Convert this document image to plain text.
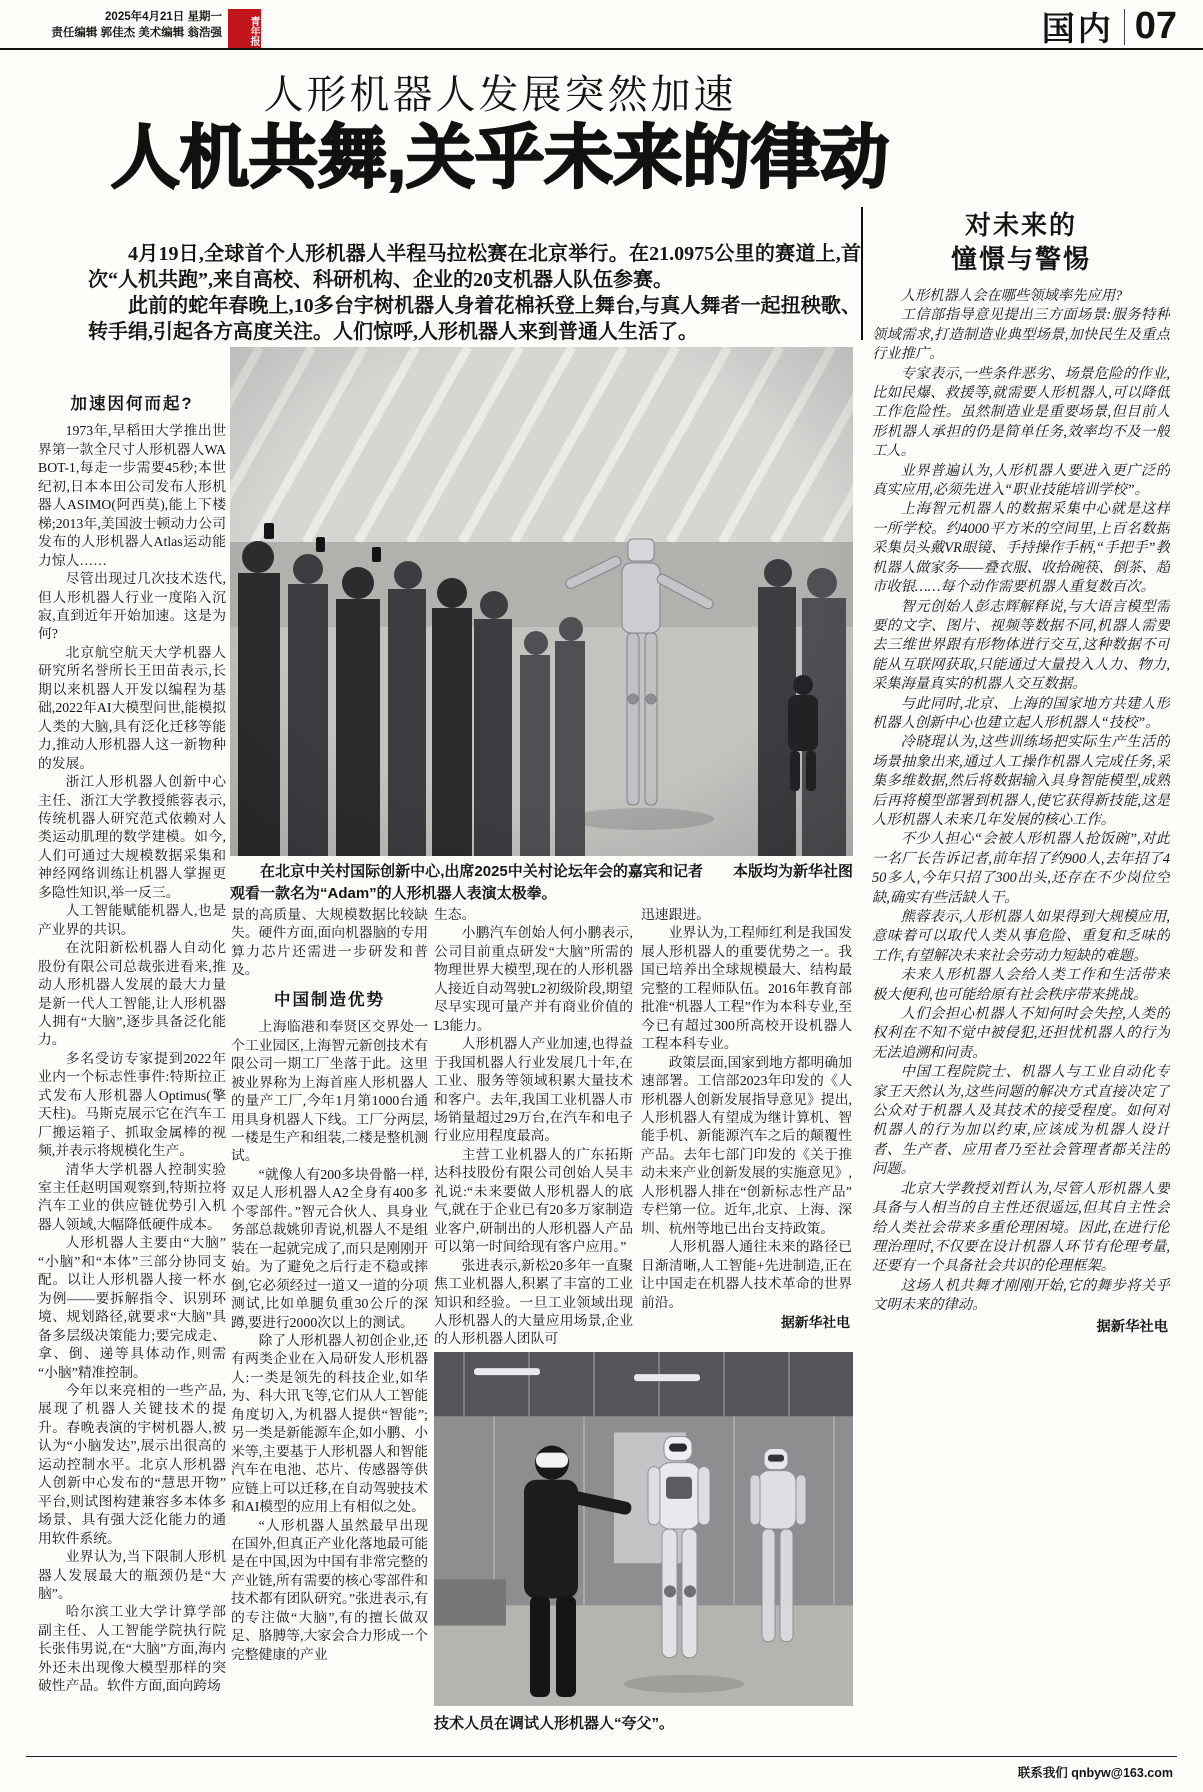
2025年4月21日 星期一
责任编辑 郭佳杰 美术编辑 翁浩强	青年报	国内 07
人形机器人发展突然加速
人机共舞,关乎未来的律动

4月19日,全球首个人形机器人半程马拉松赛在北京举行。在21.0975公里的赛道上,首次“人机共跑”,来自高校、科研机构、企业的20支机器人队伍参赛。

此前的蛇年春晚上,10多台宇树机器人身着花棉袄登上舞台,与真人舞者一起扭秧歌、转手绢,引起各方高度关注。人们惊呼,人形机器人来到普通人生活了。

本版均为新华社图
在北京中关村国际创新中心,出席2025中关村论坛年会的嘉宾和记者观看一款名为“Adam”的人形机器人表演太极拳。

加速因何而起?

1973年,早稻田大学推出世界第一款全尺寸人形机器人WABOT-1,每走一步需要45秒;本世纪初,日本本田公司发布人形机器人ASIMO(阿西莫),能上下楼梯;2013年,美国波士顿动力公司发布的人形机器人Atlas运动能力惊人……

尽管出现过几次技术迭代,但人形机器人行业一度陷入沉寂,直到近年开始加速。这是为何?

北京航空航天大学机器人研究所名誉所长王田苗表示,长期以来机器人开发以编程为基础,2022年AI大模型问世,能模拟人类的大脑,具有泛化迁移等能力,推动人形机器人这一新物种的发展。

浙江人形机器人创新中心主任、浙江大学教授熊蓉表示,传统机器人研究范式依赖对人类运动肌理的数学建模。如今,人们可通过大规模数据采集和神经网络训练让机器人掌握更多隐性知识,举一反三。

人工智能赋能机器人,也是产业界的共识。

在沈阳新松机器人自动化股份有限公司总裁张进看来,推动人形机器人发展的最大力量是新一代人工智能,让人形机器人拥有“大脑”,逐步具备泛化能力。

多名受访专家提到2022年业内一个标志性事件:特斯拉正式发布人形机器人Optimus(擎天柱)。马斯克展示它在汽车工厂搬运箱子、抓取金属棒的视频,并表示将规模化生产。

清华大学机器人控制实验室主任赵明国观察到,特斯拉将汽车工业的供应链优势引入机器人领域,大幅降低硬件成本。

人形机器人主要由“大脑”“小脑”和“本体”三部分协同支配。以让人形机器人接一杯水为例——要拆解指令、识别环境、规划路径,就要求“大脑”具备多层级决策能力;要完成走、拿、倒、递等具体动作,则需“小脑”精准控制。

今年以来亮相的一些产品,展现了机器人关键技术的提升。春晚表演的宇树机器人,被认为“小脑发达”,展示出很高的运动控制水平。北京人形机器人创新中心发布的“慧思开物”平台,则试图构建兼容多本体多场景、具有强大泛化能力的通用软件系统。

业界认为,当下限制人形机器人发展最大的瓶颈仍是“大脑”。

哈尔滨工业大学计算学部副主任、人工智能学院执行院长张伟男说,在“大脑”方面,海内外还未出现像大模型那样的突破性产品。软件方面,面向跨场

景的高质量、大规模数据比较缺失。硬件方面,面向机器脑的专用算力芯片还需进一步研发和普及。

中国制造优势

上海临港和奉贤区交界处一个工业园区,上海智元新创技术有限公司一期工厂坐落于此。这里被业界称为上海首座人形机器人的量产工厂,今年1月第1000台通用具身机器人下线。工厂分两层,一楼是生产和组装,二楼是整机测试。

“就像人有200多块骨骼一样,双足人形机器人A2全身有400多个零部件。”智元合伙人、具身业务部总裁姚卯青说,机器人不是组装在一起就完成了,而只是刚刚开始。为了避免之后行走不稳或摔倒,它必须经过一道又一道的分项测试,比如单腿负重30公斤的深蹲,要进行2000次以上的测试。

除了人形机器人初创企业,还有两类企业在入局研发人形机器人:一类是领先的科技企业,如华为、科大讯飞等,它们从人工智能角度切入,为机器人提供“智能”;另一类是新能源车企,如小鹏、小米等,主要基于人形机器人和智能汽车在电池、芯片、传感器等供应链上可以迁移,在自动驾驶技术和AI模型的应用上有相似之处。

“人形机器人虽然最早出现在国外,但真正产业化落地最可能是在中国,因为中国有非常完整的产业链,所有需要的核心零部件和技术都有团队研究。”张进表示,有的专注做“大脑”,有的擅长做双足、胳膊等,大家会合力形成一个完整健康的产业

生态。

小鹏汽车创始人何小鹏表示,公司目前重点研发“大脑”所需的物理世界大模型,现在的人形机器人接近自动驾驶L2初级阶段,期望尽早实现可量产并有商业价值的L3能力。

人形机器人产业加速,也得益于我国机器人行业发展几十年,在工业、服务等领域积累大量技术和客户。去年,我国工业机器人市场销量超过29万台,在汽车和电子行业应用程度最高。

主营工业机器人的广东拓斯达科技股份有限公司创始人吴丰礼说:“未来要做人形机器人的底气,就在于企业已有20多万家制造业客户,研制出的人形机器人产品可以第一时间给现有客户应用。”

张进表示,新松20多年一直聚焦工业机器人,积累了丰富的工业知识和经验。一旦工业领域出现人形机器人的大量应用场景,企业的人形机器人团队可

迅速跟进。

业界认为,工程师红利是我国发展人形机器人的重要优势之一。我国已培养出全球规模最大、结构最完整的工程师队伍。2016年教育部批准“机器人工程”作为本科专业,至今已有超过300所高校开设机器人工程本科专业。

政策层面,国家到地方都明确加速部署。工信部2023年印发的《人形机器人创新发展指导意见》提出,人形机器人有望成为继计算机、智能手机、新能源汽车之后的颠覆性产品。去年七部门印发的《关于推动未来产业创新发展的实施意见》,人形机器人排在“创新标志性产品”专栏第一位。近年,北京、上海、深圳、杭州等地已出台支持政策。

人形机器人通往未来的路径已日渐清晰,人工智能+先进制造,正在让中国走在机器人技术革命的世界前沿。

据新华社电

技术人员在调试人形机器人“夸父”。
对未来的
憧憬与警惕

人形机器人会在哪些领域率先应用?

工信部指导意见提出三方面场景:服务特种领域需求,打造制造业典型场景,加快民生及重点行业推广。

专家表示,一些条件恶劣、场景危险的作业,比如民爆、救援等,就需要人形机器人,可以降低工作危险性。虽然制造业是重要场景,但目前人形机器人承担的仍是简单任务,效率均不及一般工人。

业界普遍认为,人形机器人要进入更广泛的真实应用,必须先进入“职业技能培训学校”。

上海智元机器人的数据采集中心就是这样一所学校。约4000平方米的空间里,上百名数据采集员头戴VR眼镜、手持操作手柄,“手把手”教机器人做家务——叠衣服、收拾碗筷、倒茶、超市收银……每个动作需要机器人重复数百次。

智元创始人彭志辉解释说,与大语言模型需要的文字、图片、视频等数据不同,机器人需要去三维世界跟有形物体进行交互,这种数据不可能从互联网获取,只能通过大量投入人力、物力,采集海量真实的机器人交互数据。

与此同时,北京、上海的国家地方共建人形机器人创新中心也建立起人形机器人“技校”。

冷晓琨认为,这些训练场把实际生产生活的场景抽象出来,通过人工操作机器人完成任务,采集多维数据,然后将数据输入具身智能模型,成熟后再将模型部署到机器人,使它获得新技能,这是人形机器人未来几年发展的核心工作。

不少人担心“会被人形机器人抢饭碗”,对此一名厂长告诉记者,前年招了约900人,去年招了450多人,今年只招了300出头,还存在不少岗位空缺,确实有些活缺人干。

熊蓉表示,人形机器人如果得到大规模应用,意味着可以取代人类从事危险、重复和乏味的工作,有望解决未来社会劳动力短缺的难题。

未来人形机器人会给人类工作和生活带来极大便利,也可能给原有社会秩序带来挑战。

人们会担心机器人不知何时会失控,人类的权利在不知不觉中被侵犯,还担忧机器人的行为无法追溯和问责。

中国工程院院士、机器人与工业自动化专家王天然认为,这些问题的解决方式直接决定了公众对于机器人及其技术的接受程度。如何对机器人的行为加以约束,应该成为机器人设计者、生产者、应用者乃至社会管理者都关注的问题。

北京大学教授刘哲认为,尽管人形机器人要具备与人相当的自主性还很遥远,但其自主性会给人类社会带来多重伦理困境。因此,在进行伦理治理时,不仅要在设计机器人环节有伦理考量,还要有一个具备社会共识的伦理框架。

这场人机共舞才刚刚开始,它的舞步将关乎文明未来的律动。

据新华社电

联系我们 qnbyw@163.com
